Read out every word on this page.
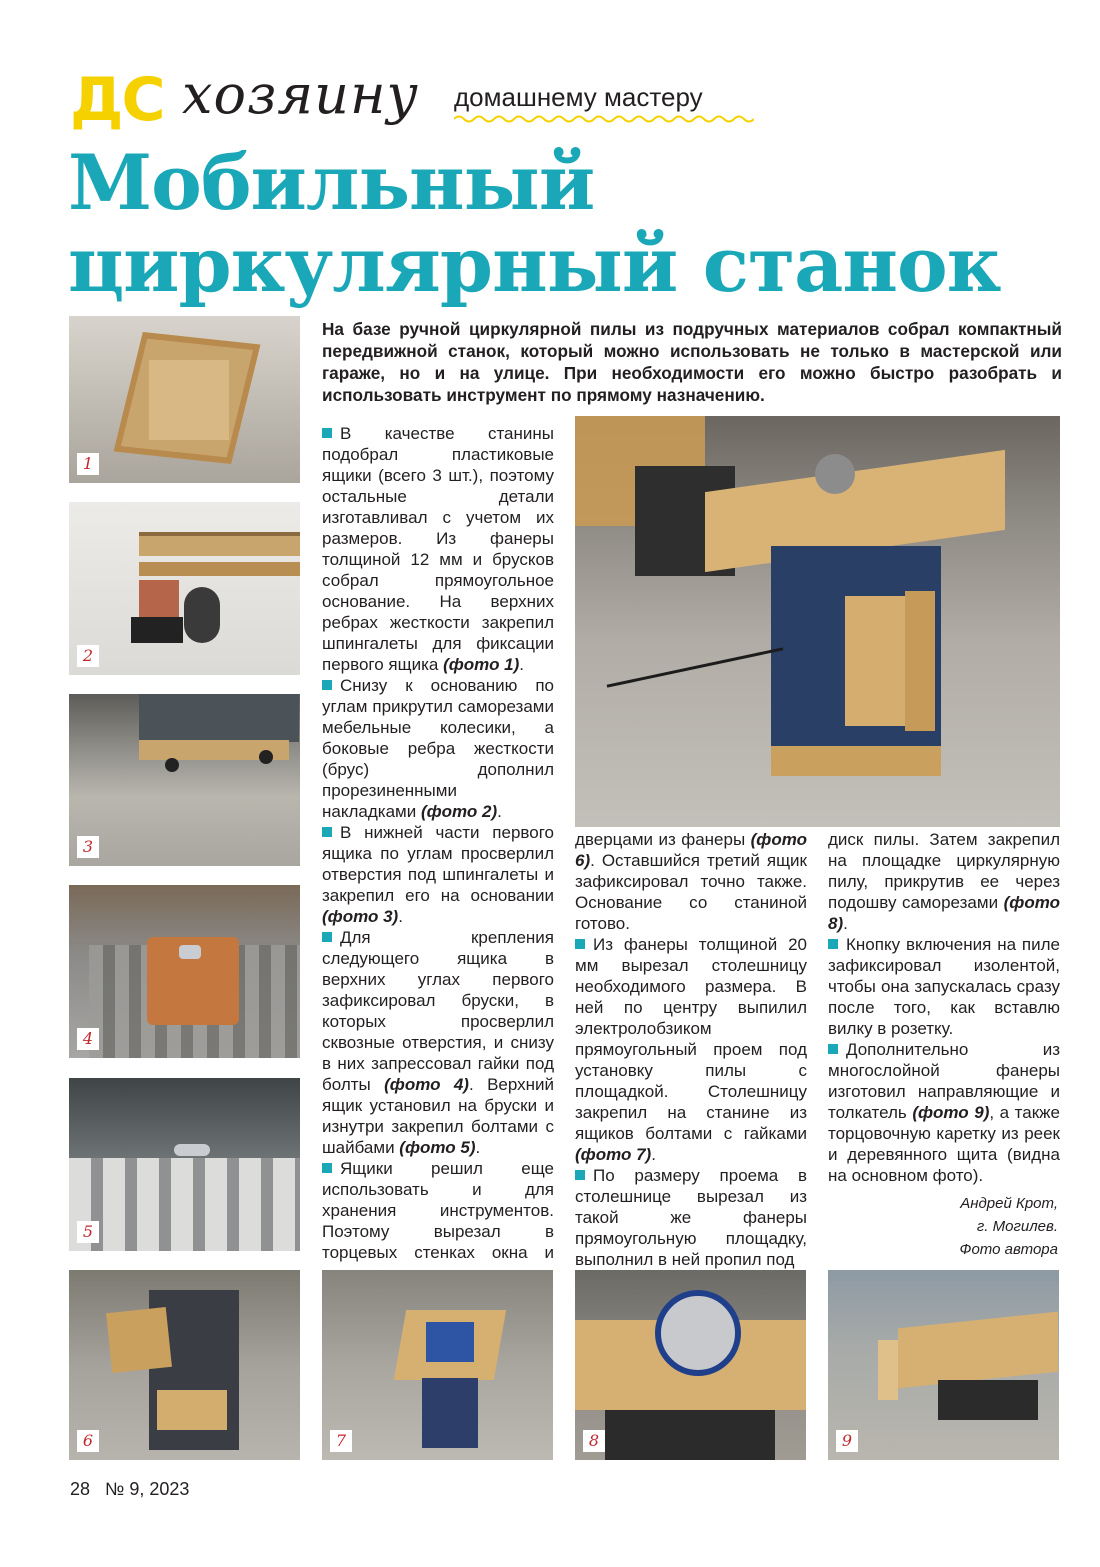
ДС хозяину домашнему мастеру
Мобильный
циркулярный станок

На базе ручной циркулярной пилы из подручных материалов собрал компактный передвижной станок, который можно использовать не только в мастерской или гараже, но и на улице. При необходимости его можно быстро разобрать и использовать инструмент по прямому назначению.

1
2
3
4
5

В качестве станины подобрал пластиковые ящики (всего 3 шт.), поэтому остальные детали изготавливал с учетом их размеров. Из фанеры толщиной 12 мм и брусков собрал прямоугольное основание. На верхних ребрах жесткости закрепил шпингалеты для фиксации первого ящика (фото 1).

Снизу к основанию по углам прикрутил саморезами мебельные колесики, а боковые ребра жесткости (брус) дополнил прорезиненными накладками (фото 2).

В нижней части первого ящика по углам просверлил отверстия под шпингалеты и закрепил его на основании (фото 3).

Для крепления следующего ящика в верхних углах первого зафиксировал бруски, в которых просверлил сквозные отверстия, и снизу в них запрессовал гайки под болты (фото 4). Верхний ящик установил на бруски и изнутри закрепил болтами с шайбами (фото 5).

Ящики решил еще использовать и для хранения инструментов. Поэтому вырезал в торцевых стенках окна и

дверцами из фанеры (фото 6). Оставшийся третий ящик зафиксировал точно также. Основание со станиной готово.

Из фанеры толщиной 20 мм вырезал столешницу необходимого размера. В ней по центру выпилил электролобзиком прямоугольный проем под установку пилы с площадкой. Столешницу закрепил на станине из ящиков болтами с гайками (фото 7).

По размеру проема в столешнице вырезал из такой же фанеры прямоугольную площадку, выполнил в ней пропил под

диск пилы. Затем закрепил на площадке циркулярную пилу, прикрутив ее через подошву саморезами (фото 8).

Кнопку включения на пиле зафиксировал изолентой, чтобы она запускалась сразу после того, как вставлю вилку в розетку.

Дополнительно из многослойной фанеры изготовил направляющие и толкатель (фото 9), а также торцовочную каретку из реек и деревянного щита (видна на основном фото).

Андрей Крот,
г. Могилев.
Фото автора
6	7	8	9
28 № 9, 2023
